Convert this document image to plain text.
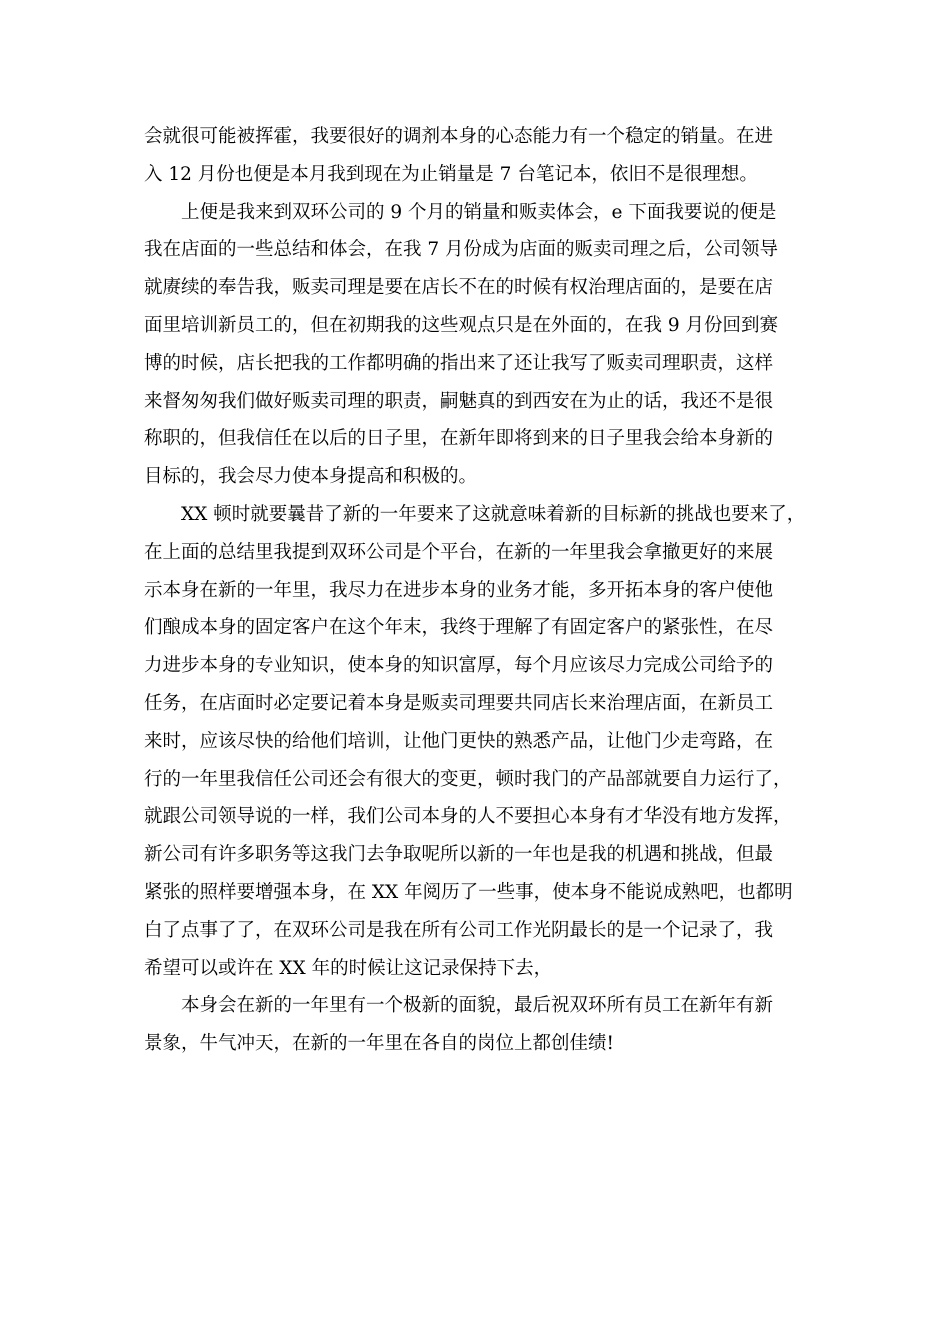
会就很可能被挥霍，我要很好的调剂本身的心态能力有一个稳定的销量。在进
入 12 月份也便是本月我到现在为止销量是 7 台笔记本，依旧不是很理想。
上便是我来到双环公司的 9 个月的销量和贩卖体会，e 下面我要说的便是
我在店面的一些总结和体会，在我 7 月份成为店面的贩卖司理之后，公司领导
就赓续的奉告我，贩卖司理是要在店长不在的时候有权治理店面的，是要在店
面里培训新员工的，但在初期我的这些观点只是在外面的，在我 9 月份回到赛
博的时候，店长把我的工作都明确的指出来了还让我写了贩卖司理职责，这样
来督匆匆我们做好贩卖司理的职责，嗣魅真的到西安在为止的话，我还不是很
称职的，但我信任在以后的日子里，在新年即将到来的日子里我会给本身新的
目标的，我会尽力使本身提高和积极的。
XX 顿时就要曩昔了新的一年要来了这就意味着新的目标新的挑战也要来了，
在上面的总结里我提到双环公司是个平台，在新的一年里我会拿撤更好的来展
示本身在新的一年里，我尽力在进步本身的业务才能，多开拓本身的客户使他
们酿成本身的固定客户在这个年末，我终于理解了有固定客户的紧张性，在尽
力进步本身的专业知识，使本身的知识富厚，每个月应该尽力完成公司给予的
任务，在店面时必定要记着本身是贩卖司理要共同店长来治理店面，在新员工
来时，应该尽快的给他们培训，让他门更快的熟悉产品，让他门少走弯路，在
行的一年里我信任公司还会有很大的变更，顿时我门的产品部就要自力运行了，
就跟公司领导说的一样，我们公司本身的人不要担心本身有才华没有地方发挥，
新公司有许多职务等这我门去争取呢所以新的一年也是我的机遇和挑战，但最
紧张的照样要增强本身，在 XX 年阅历了一些事，使本身不能说成熟吧，也都明
白了点事了了，在双环公司是我在所有公司工作光阴最长的是一个记录了，我
希望可以或许在 XX 年的时候让这记录保持下去，
本身会在新的一年里有一个极新的面貌，最后祝双环所有员工在新年有新
景象，牛气冲天，在新的一年里在各自的岗位上都创佳绩!
